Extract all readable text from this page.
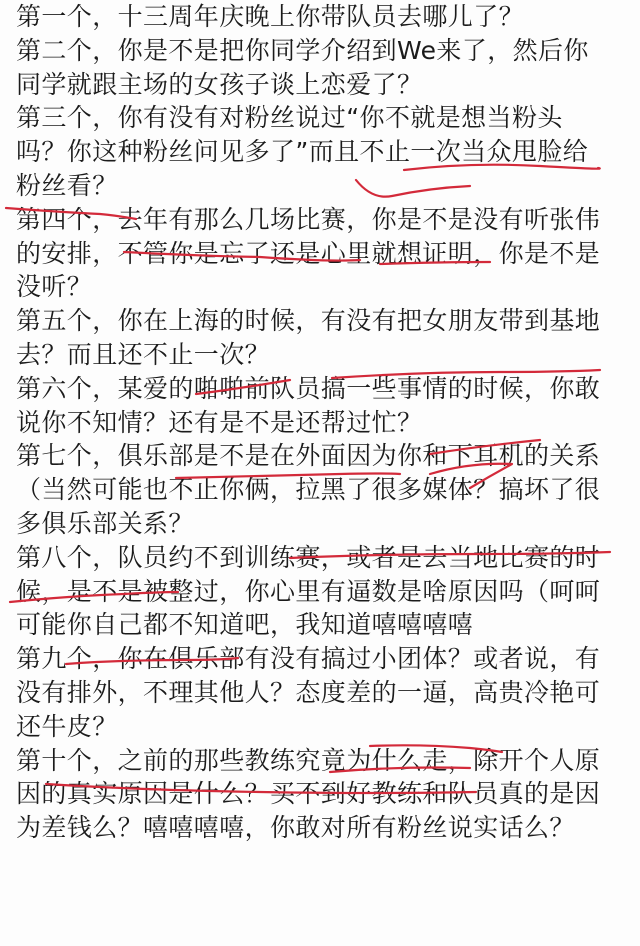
第一个，十三周年庆晚上你带队员去哪儿了？
第二个，你是不是把你同学介绍到We来了，然后你
同学就跟主场的女孩子谈上恋爱了？
第三个，你有没有对粉丝说过“你不就是想当粉头
吗？你这种粉丝问见多了”而且不止一次当众甩脸给
粉丝看？
第四个，去年有那么几场比赛，你是不是没有听张伟
的安排，不管你是忘了还是心里就想证明，你是不是
没听？
第五个，你在上海的时候，有没有把女朋友带到基地
去？而且还不止一次？
第六个，某爱的啪啪前队员搞一些事情的时候，你敢
说你不知情？还有是不是还帮过忙？
第七个，俱乐部是不是在外面因为你和下耳机的关系
（当然可能也不止你俩，拉黑了很多媒体？搞坏了很
多俱乐部关系？
第八个，队员约不到训练赛，或者是去当地比赛的时
候，是不是被整过，你心里有逼数是啥原因吗（呵呵
可能你自己都不知道吧，我知道嘻嘻嘻嘻
第九个，你在俱乐部有没有搞过小团体？或者说，有
没有排外，不理其他人？态度差的一逼，高贵冷艳可
还牛皮？
第十个，之前的那些教练究竟为什么走，除开个人原
因的真实原因是什么？买不到好教练和队员真的是因
为差钱么？嘻嘻嘻嘻，你敢对所有粉丝说实话么？
